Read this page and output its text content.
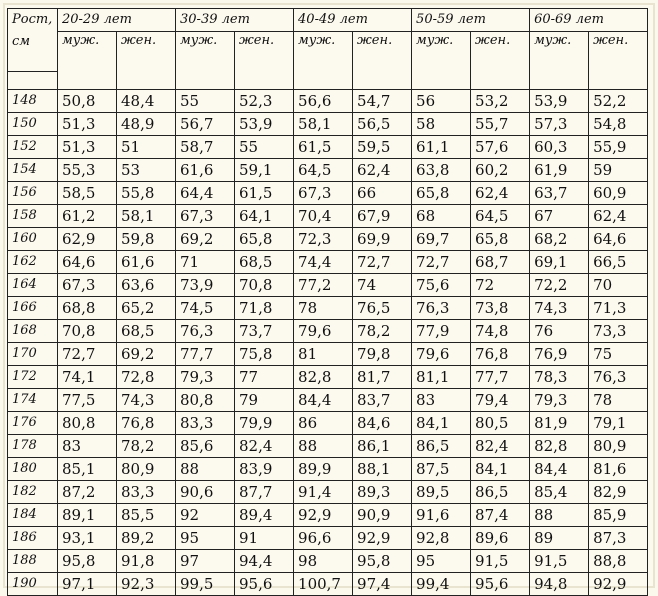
Рост,
см	20-29 лет		30-39 лет		40-49 лет		50-59 лет		60-69 лет	
	муж.	жен.	муж.	жен.	муж.	жен.	муж.	жен.	муж.	жен.

148	50,8	48,4	55	52,3	56,6	54,7	56	53,2	53,9	52,2
150	51,3	48,9	56,7	53,9	58,1	56,5	58	55,7	57,3	54,8
152	51,3	51	58,7	55	61,5	59,5	61,1	57,6	60,3	55,9
154	55,3	53	61,6	59,1	64,5	62,4	63,8	60,2	61,9	59
156	58,5	55,8	64,4	61,5	67,3	66	65,8	62,4	63,7	60,9
158	61,2	58,1	67,3	64,1	70,4	67,9	68	64,5	67	62,4
160	62,9	59,8	69,2	65,8	72,3	69,9	69,7	65,8	68,2	64,6
162	64,6	61,6	71	68,5	74,4	72,7	72,7	68,7	69,1	66,5
164	67,3	63,6	73,9	70,8	77,2	74	75,6	72	72,2	70
166	68,8	65,2	74,5	71,8	78	76,5	76,3	73,8	74,3	71,3
168	70,8	68,5	76,3	73,7	79,6	78,2	77,9	74,8	76	73,3
170	72,7	69,2	77,7	75,8	81	79,8	79,6	76,8	76,9	75
172	74,1	72,8	79,3	77	82,8	81,7	81,1	77,7	78,3	76,3
174	77,5	74,3	80,8	79	84,4	83,7	83	79,4	79,3	78
176	80,8	76,8	83,3	79,9	86	84,6	84,1	80,5	81,9	79,1
178	83	78,2	85,6	82,4	88	86,1	86,5	82,4	82,8	80,9
180	85,1	80,9	88	83,9	89,9	88,1	87,5	84,1	84,4	81,6
182	87,2	83,3	90,6	87,7	91,4	89,3	89,5	86,5	85,4	82,9
184	89,1	85,5	92	89,4	92,9	90,9	91,6	87,4	88	85,9
186	93,1	89,2	95	91	96,6	92,9	92,8	89,6	89	87,3
188	95,8	91,8	97	94,4	98	95,8	95	91,5	91,5	88,8
190	97,1	92,3	99,5	95,6	100,7	97,4	99,4	95,6	94,8	92,9
